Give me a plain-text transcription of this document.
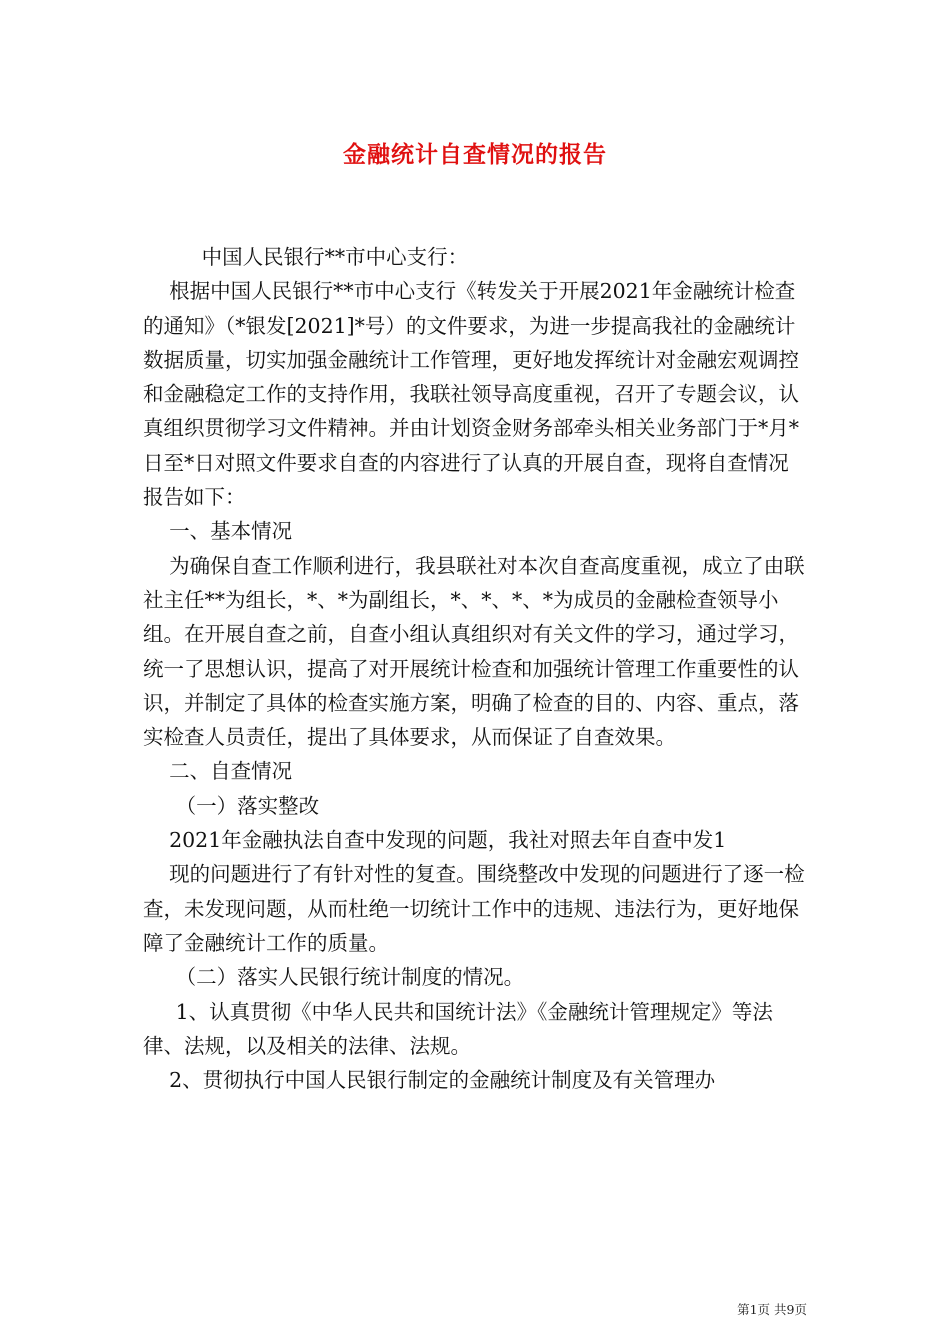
金融统计自查情况的报告

中国人民银行**市中心支行：

根据中国人民银行**市中心支行《转发关于开展2021年金融统计检查的通知》（*银发[2021]*号）的文件要求，为进一步提高我社的金融统计数据质量，切实加强金融统计工作管理，更好地发挥统计对金融宏观调控和金融稳定工作的支持作用，我联社领导高度重视，召开了专题会议，认真组织贯彻学习文件精神。并由计划资金财务部牵头相关业务部门于*月*日至*日对照文件要求自查的内容进行了认真的开展自查，现将自查情况报告如下：

一、基本情况

为确保自查工作顺利进行，我县联社对本次自查高度重视，成立了由联社主任**为组长，*、*为副组长，*、*、*、*为成员的金融检查领导小组。在开展自查之前，自查小组认真组织对有关文件的学习，通过学习，统一了思想认识，提高了对开展统计检查和加强统计管理工作重要性的认识，并制定了具体的检查实施方案，明确了检查的目的、内容、重点，落实检查人员责任，提出了具体要求，从而保证了自查效果。

二、自查情况

（一）落实整改

2021年金融执法自查中发现的问题，我社对照去年自查中发1

现的问题进行了有针对性的复查。围绕整改中发现的问题进行了逐一检查，未发现问题，从而杜绝一切统计工作中的违规、违法行为，更好地保障了金融统计工作的质量。

（二）落实人民银行统计制度的情况。

1、认真贯彻《中华人民共和国统计法》《金融统计管理规定》等法律、法规，以及相关的法律、法规。

2、贯彻执行中国人民银行制定的金融统计制度及有关管理办

第1页 共9页
